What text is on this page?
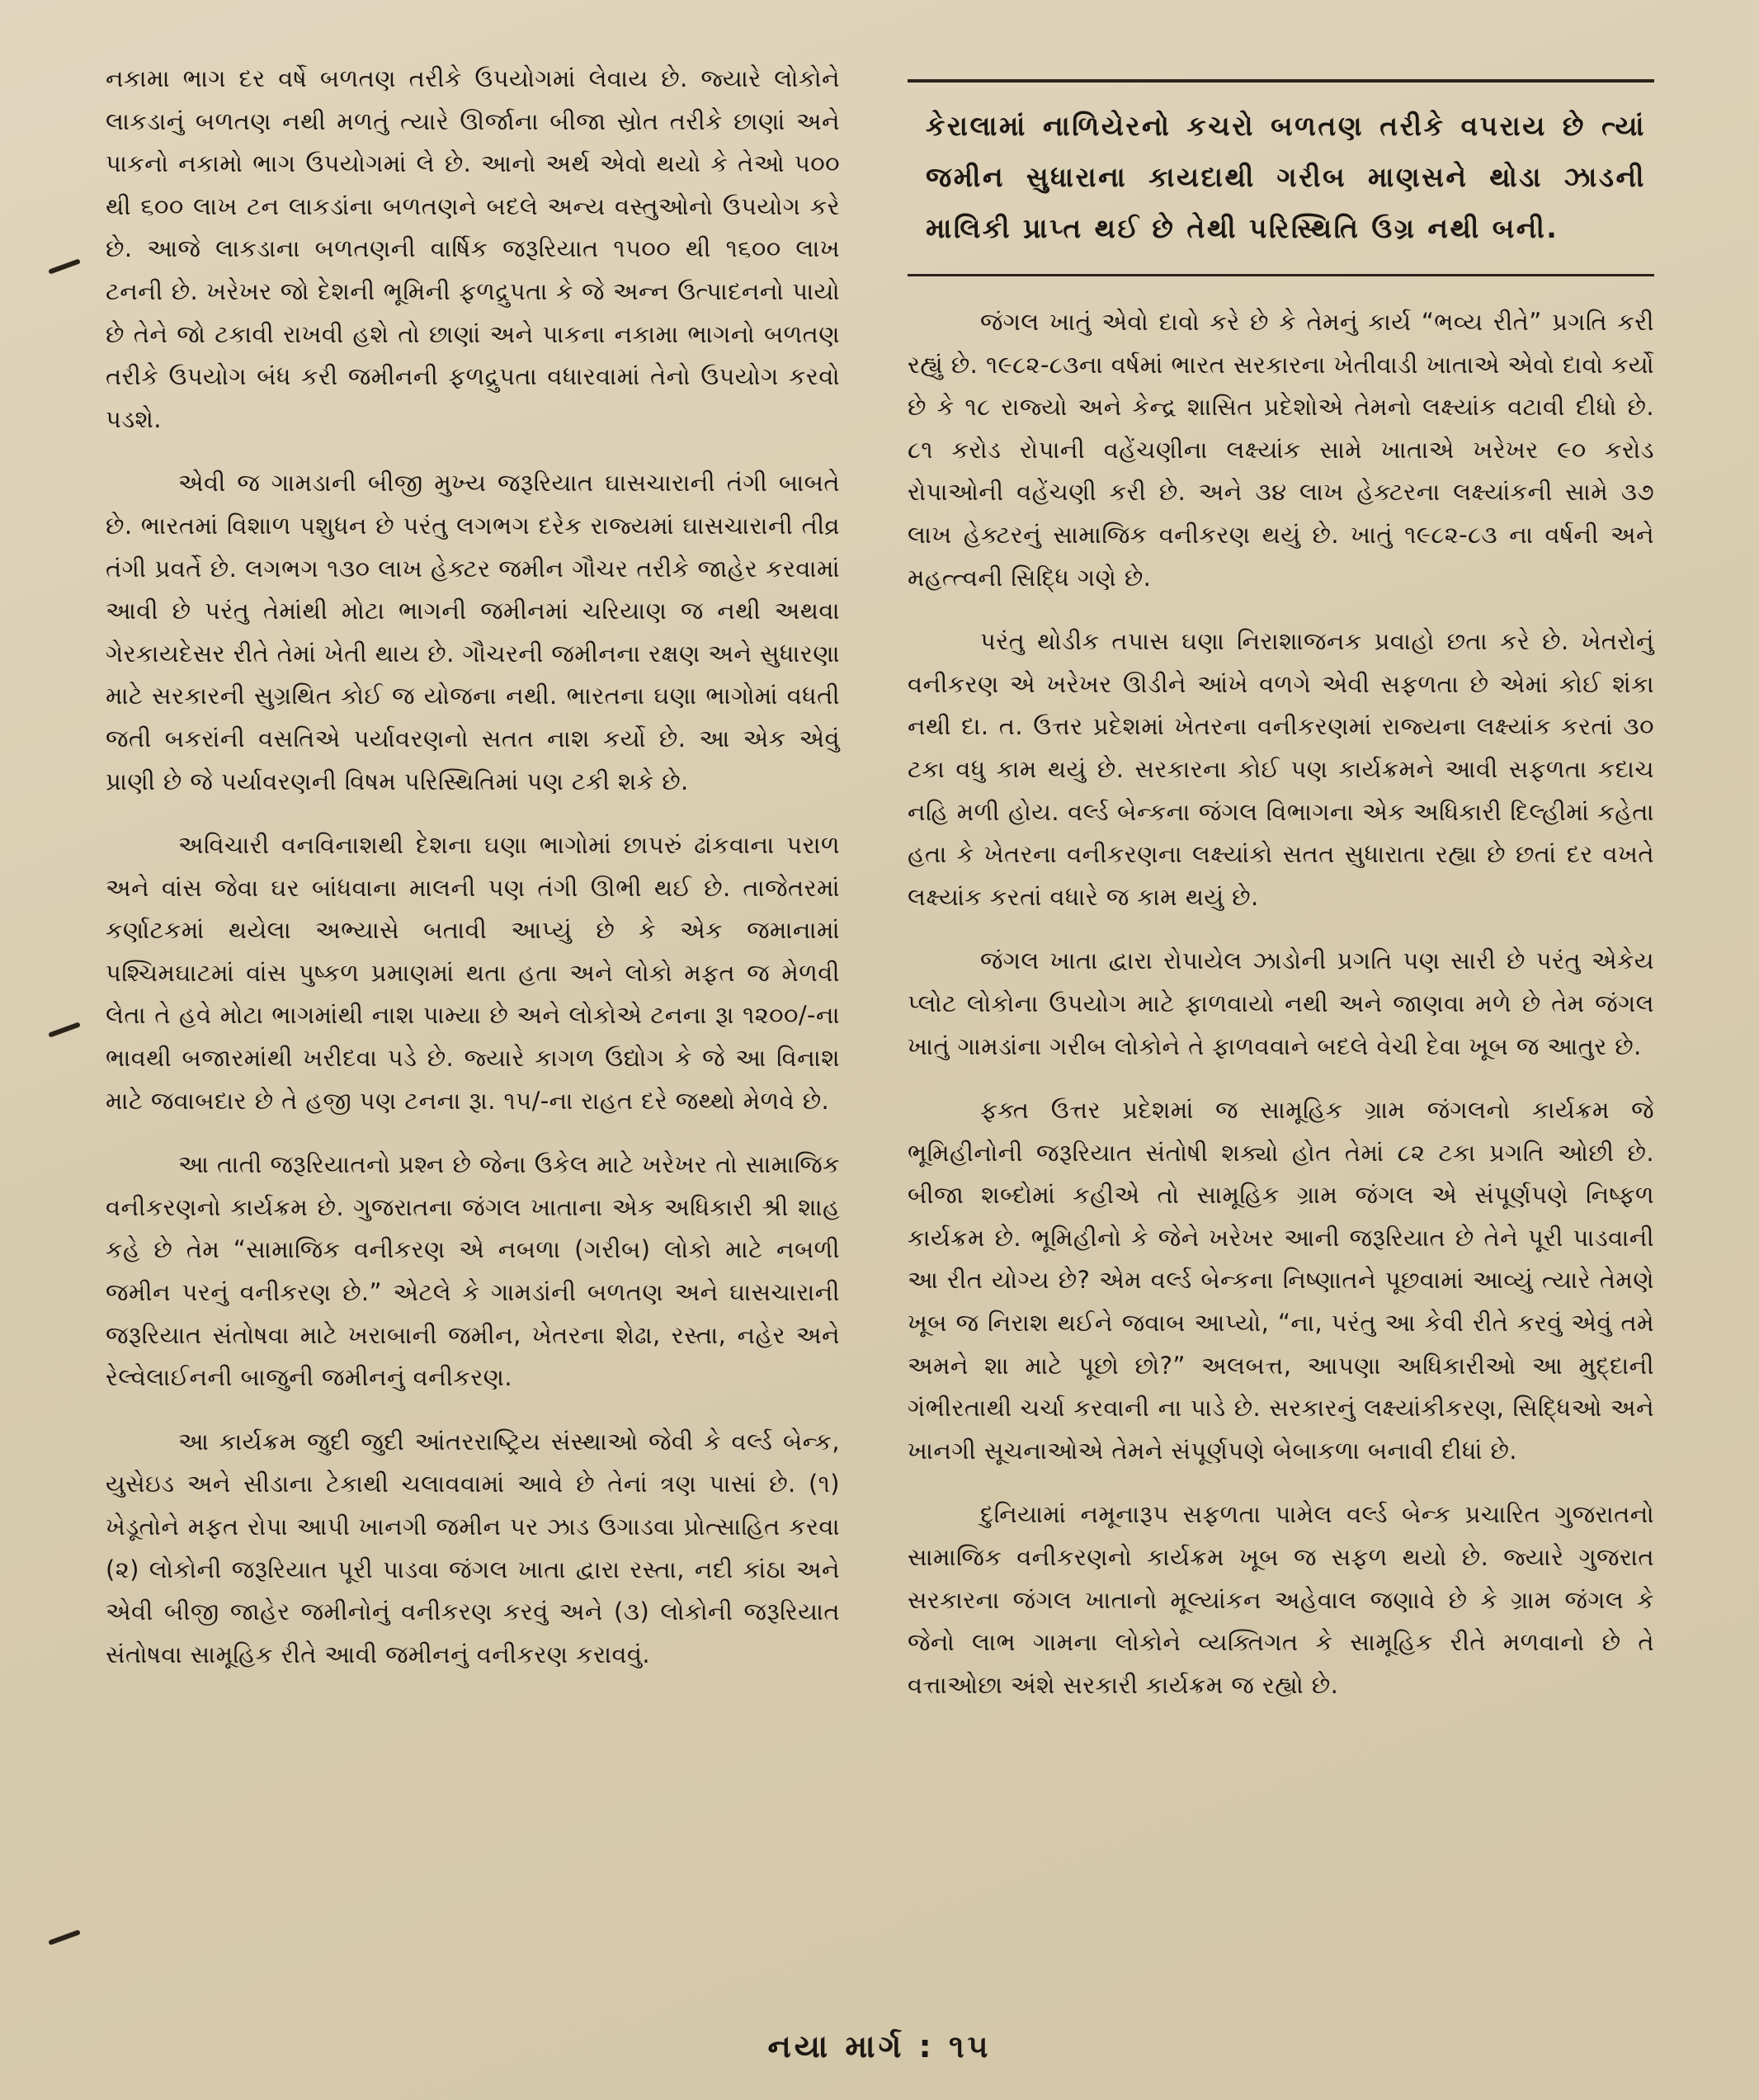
નકામા ભાગ દર વર્ષે બળતણ તરીકે ઉપયોગમાં લેવાય છે. જ્યારે લોકોને લાકડાનું બળતણ નથી મળતું ત્યારે ઊર્જાના બીજા સ્રોત તરીકે છાણાં અને પાકનો નકામો ભાગ ઉપયોગમાં લે છે. આનો અર્થ એવો થયો કે તેઓ ૫૦૦ થી ૬૦૦ લાખ ટન લાકડાંના બળતણને બદલે અન્ય વસ્તુઓનો ઉપયોગ કરે છે. આજે લાકડાના બળતણની વાર્ષિક જરૂરિયાત ૧૫૦૦ થી ૧૬૦૦ લાખ ટનની છે. ખરેખર જો દેશની ભૂમિની ફળદ્રુપતા કે જે અન્ન ઉત્પાદનનો પાયો છે તેને જો ટકાવી રાખવી હશે તો છાણાં અને પાકના નકામા ભાગનો બળતણ તરીકે ઉપયોગ બંધ કરી જમીનની ફળદ્રુપતા વધારવામાં તેનો ઉપયોગ કરવો પડશે.

એવી જ ગામડાની બીજી મુખ્ય જરૂરિયાત ઘાસચારાની તંગી બાબતે છે. ભારતમાં વિશાળ પશુધન છે પરંતુ લગભગ દરેક રાજ્યમાં ઘાસચારાની તીવ્ર તંગી પ્રવર્તે છે. લગભગ ૧૩૦ લાખ હેક્ટર જમીન ગૌચર તરીકે જાહેર કરવામાં આવી છે પરંતુ તેમાંથી મોટા ભાગની જમીનમાં ચરિયાણ જ નથી અથવા ગેરકાયદેસર રીતે તેમાં ખેતી થાય છે. ગૌચરની જમીનના રક્ષણ અને સુધારણા માટે સરકારની સુગ્રથિત કોઈ જ યોજના નથી. ભારતના ઘણા ભાગોમાં વધતી જતી બકરાંની વસતિએ પર્યાવરણનો સતત નાશ કર્યો છે. આ એક એવું પ્રાણી છે જે પર્યાવરણની વિષમ પરિસ્થિતિમાં પણ ટકી શકે છે.

અવિચારી વનવિનાશથી દેશના ઘણા ભાગોમાં છાપરું ઢાંકવાના પરાળ અને વાંસ જેવા ઘર બાંધવાના માલની પણ તંગી ઊભી થઈ છે. તાજેતરમાં કર્ણાટકમાં થયેલા અભ્યાસે બતાવી આપ્યું છે કે એક જમાનામાં પશ્ચિમઘાટમાં વાંસ પુષ્કળ પ્રમાણમાં થતા હતા અને લોકો મફત જ મેળવી લેતા તે હવે મોટા ભાગમાંથી નાશ પામ્યા છે અને લોકોએ ટનના રૂા ૧૨૦૦/-ના ભાવથી બજારમાંથી ખરીદવા પડે છે. જ્યારે કાગળ ઉદ્યોગ કે જે આ વિનાશ માટે જવાબદાર છે તે હજી પણ ટનના રૂા. ૧૫/-ના રાહત દરે જથ્થો મેળવે છે.

આ તાતી જરૂરિયાતનો પ્રશ્ન છે જેના ઉકેલ માટે ખરેખર તો સામાજિક વનીકરણનો કાર્યક્રમ છે. ગુજરાતના જંગલ ખાતાના એક અધિકારી શ્રી શાહ કહે છે તેમ “સામાજિક વનીકરણ એ નબળા (ગરીબ) લોકો માટે નબળી જમીન પરનું વનીકરણ છે.” એટલે કે ગામડાંની બળતણ અને ઘાસચારાની જરૂરિયાત સંતોષવા માટે ખરાબાની જમીન, ખેતરના શેઢા, રસ્તા, નહેર અને રેલ્વેલાઈનની બાજુની જમીનનું વનીકરણ.

આ કાર્યક્રમ જુદી જુદી આંતરરાષ્ટ્રિય સંસ્થાઓ જેવી કે વર્લ્ડ બેન્ક, યુસેઇડ અને સીડાના ટેકાથી ચલાવવામાં આવે છે તેનાં ત્રણ પાસાં છે. (૧) ખેડૂતોને મફત રોપા આપી ખાનગી જમીન પર ઝાડ ઉગાડવા પ્રોત્સાહિત કરવા (૨) લોકોની જરૂરિયાત પૂરી પાડવા જંગલ ખાતા દ્વારા રસ્તા, નદી કાંઠા અને એવી બીજી જાહેર જમીનોનું વનીકરણ કરવું અને (૩) લોકોની જરૂરિયાત સંતોષવા સામૂહિક રીતે આવી જમીનનું વનીકરણ કરાવવું.

કેરાલામાં નાળિયેરનો કચરો બળતણ તરીકે વપરાય છે ત્યાં જમીન સુધારાના કાયદાથી ગરીબ માણસને થોડા ઝાડની માલિકી પ્રાપ્ત થઈ છે તેથી પરિસ્થિતિ ઉગ્ર નથી બની.

જંગલ ખાતું એવો દાવો કરે છે કે તેમનું કાર્ય “ભવ્ય રીતે” પ્રગતિ કરી રહ્યું છે. ૧૯૮૨-૮૩ના વર્ષમાં ભારત સરકારના ખેતીવાડી ખાતાએ એવો દાવો કર્યો છે કે ૧૮ રાજ્યો અને કેન્દ્ર શાસિત પ્રદેશોએ તેમનો લક્ષ્યાંક વટાવી દીધો છે. ૮૧ કરોડ રોપાની વહેંચણીના લક્ષ્યાંક સામે ખાતાએ ખરેખર ૯૦ કરોડ રોપાઓની વહેંચણી કરી છે. અને ૩૪ લાખ હેક્ટરના લક્ષ્યાંકની સામે ૩૭ લાખ હેક્ટરનું સામાજિક વનીકરણ થયું છે. ખાતું ૧૯૮૨-૮૩ ના વર્ષની અને મહત્ત્વની સિદ્ધિ ગણે છે.

પરંતુ થોડીક તપાસ ઘણા નિરાશાજનક પ્રવાહો છતા કરે છે. ખેતરોનું વનીકરણ એ ખરેખર ઊડીને આંખે વળગે એવી સફળતા છે એમાં કોઈ શંકા નથી દા. ત. ઉત્તર પ્રદેશમાં ખેતરના વનીકરણમાં રાજ્યના લક્ષ્યાંક કરતાં ૩૦ ટકા વધુ કામ થયું છે. સરકારના કોઈ પણ કાર્યક્રમને આવી સફળતા કદાચ નહિ મળી હોય. વર્લ્ડ બેન્કના જંગલ વિભાગના એક અધિકારી દિલ્હીમાં કહેતા હતા કે ખેતરના વનીકરણના લક્ષ્યાંકો સતત સુધારાતા રહ્યા છે છતાં દર વખતે લક્ષ્યાંક કરતાં વધારે જ કામ થયું છે.

જંગલ ખાતા દ્વારા રોપાયેલ ઝાડોની પ્રગતિ પણ સારી છે પરંતુ એકેય પ્લોટ લોકોના ઉપયોગ માટે ફાળવાયો નથી અને જાણવા મળે છે તેમ જંગલ ખાતું ગામડાંના ગરીબ લોકોને તે ફાળવવાને બદલે વેચી દેવા ખૂબ જ આતુર છે.

ફક્ત ઉત્તર પ્રદેશમાં જ સામૂહિક ગ્રામ જંગલનો કાર્યક્રમ જે ભૂમિહીનોની જરૂરિયાત સંતોષી શક્યો હોત તેમાં ૮૨ ટકા પ્રગતિ ઓછી છે. બીજા શબ્દોમાં કહીએ તો સામૂહિક ગ્રામ જંગલ એ સંપૂર્ણપણે નિષ્ફળ કાર્યક્રમ છે. ભૂમિહીનો કે જેને ખરેખર આની જરૂરિયાત છે તેને પૂરી પાડવાની આ રીત યોગ્ય છે? એમ વર્લ્ડ બેન્કના નિષ્ણાતને પૂછવામાં આવ્યું ત્યારે તેમણે ખૂબ જ નિરાશ થઈને જવાબ આપ્યો, “ના, પરંતુ આ કેવી રીતે કરવું એવું તમે અમને શા માટે પૂછો છો?” અલબત્ત, આપણા અધિકારીઓ આ મુદ્દાની ગંભીરતાથી ચર્ચા કરવાની ના પાડે છે. સરકારનું લક્ષ્યાંકીકરણ, સિદ્ધિઓ અને ખાનગી સૂચનાઓએ તેમને સંપૂર્ણપણે બેબાકળા બનાવી દીધાં છે.

દુનિયામાં નમૂનારૂપ સફળતા પામેલ વર્લ્ડ બેન્ક પ્રચારિત ગુજરાતનો સામાજિક વનીકરણનો કાર્યક્રમ ખૂબ જ સફળ થયો છે. જ્યારે ગુજરાત સરકારના જંગલ ખાતાનો મૂલ્યાંકન અહેવાલ જણાવે છે કે ગ્રામ જંગલ કે જેનો લાભ ગામના લોકોને વ્યક્તિગત કે સામૂહિક રીતે મળવાનો છે તે વત્તાઓછા અંશે સરકારી કાર્યક્રમ જ રહ્યો છે.

નયા માર્ગ : ૧૫
